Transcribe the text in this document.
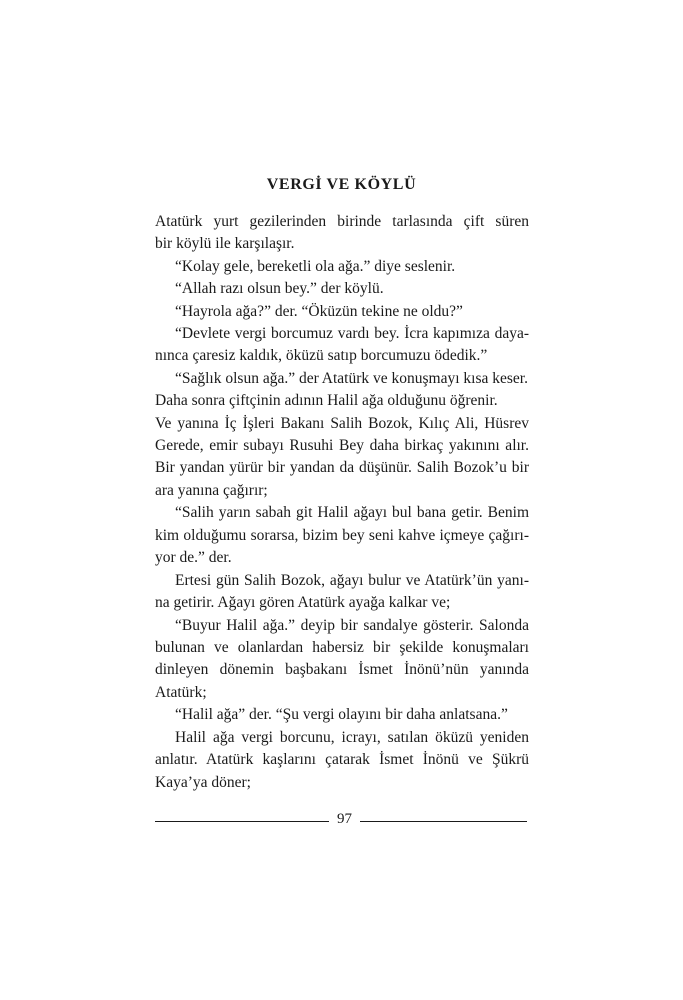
VERGİ VE KÖYLÜ
Atatürk yurt gezilerinden birinde tarlasında çift süren
bir köylü ile karşılaşır.
“Kolay gele, bereketli ola ağa.” diye seslenir.
“Allah razı olsun bey.” der köylü.
“Hayrola ağa?” der. “Öküzün tekine ne oldu?”
“Devlete vergi borcumuz vardı bey. İcra kapımıza daya-
nınca çaresiz kaldık, öküzü satıp borcumuzu ödedik.”
“Sağlık olsun ağa.” der Atatürk ve konuşmayı kısa keser.
Daha sonra çiftçinin adının Halil ağa olduğunu öğrenir.
Ve yanına İç İşleri Bakanı Salih Bozok, Kılıç Ali, Hüsrev
Gerede, emir subayı Rusuhi Bey daha birkaç yakınını alır.
Bir yandan yürür bir yandan da düşünür. Salih Bozok’u bir
ara yanına çağırır;
“Salih yarın sabah git Halil ağayı bul bana getir. Benim
kim olduğumu sorarsa, bizim bey seni kahve içmeye çağırı-
yor de.” der.
Ertesi gün Salih Bozok, ağayı bulur ve Atatürk’ün yanı-
na getirir. Ağayı gören Atatürk ayağa kalkar ve;
“Buyur Halil ağa.” deyip bir sandalye gösterir. Salonda
bulunan ve olanlardan habersiz bir şekilde konuşmaları
dinleyen dönemin başbakanı İsmet İnönü’nün yanında
Atatürk;
“Halil ağa” der. “Şu vergi olayını bir daha anlatsana.”
Halil ağa vergi borcunu, icrayı, satılan öküzü yeniden
anlatır. Atatürk kaşlarını çatarak İsmet İnönü ve Şükrü
Kaya’ya döner;
97
